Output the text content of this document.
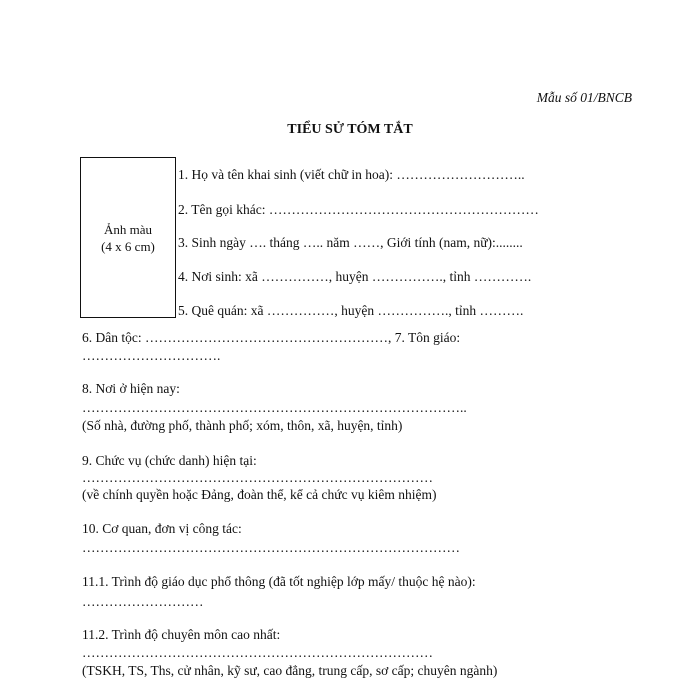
Mẫu số 01/BNCB
TIỂU SỬ TÓM TẮT
Ảnh màu
(4 x 6 cm)
1. Họ và tên khai sinh (viết chữ in hoa): ………………………..
2. Tên gọi khác: ……………………………………………………
3. Sinh ngày …. tháng ….. năm ……, Giới tính (nam, nữ):........
4. Nơi sinh: xã ……………, huyện ……………., tỉnh ………….
5. Quê quán: xã ……………, huyện ……………., tỉnh ……….
6. Dân tộc: ………………………………………………, 7. Tôn giáo:
………………………….
8. Nơi ở hiện nay:
…………………………………………………………………………..
(Số nhà, đường phố, thành phố; xóm, thôn, xã, huyện, tỉnh)
9. Chức vụ (chức danh) hiện tại:
……………………………………………………………………
(về chính quyền hoặc Đảng, đoàn thể, kể cả chức vụ kiêm nhiệm)
10. Cơ quan, đơn vị công tác:
…………………………………………………………………………
11.1. Trình độ giáo dục phổ thông (đã tốt nghiệp lớp mấy/ thuộc hệ nào):
………………………
11.2. Trình độ chuyên môn cao nhất:
……………………………………………………………………
(TSKH, TS, Ths, cử nhân, kỹ sư, cao đẳng, trung cấp, sơ cấp; chuyên ngành)
